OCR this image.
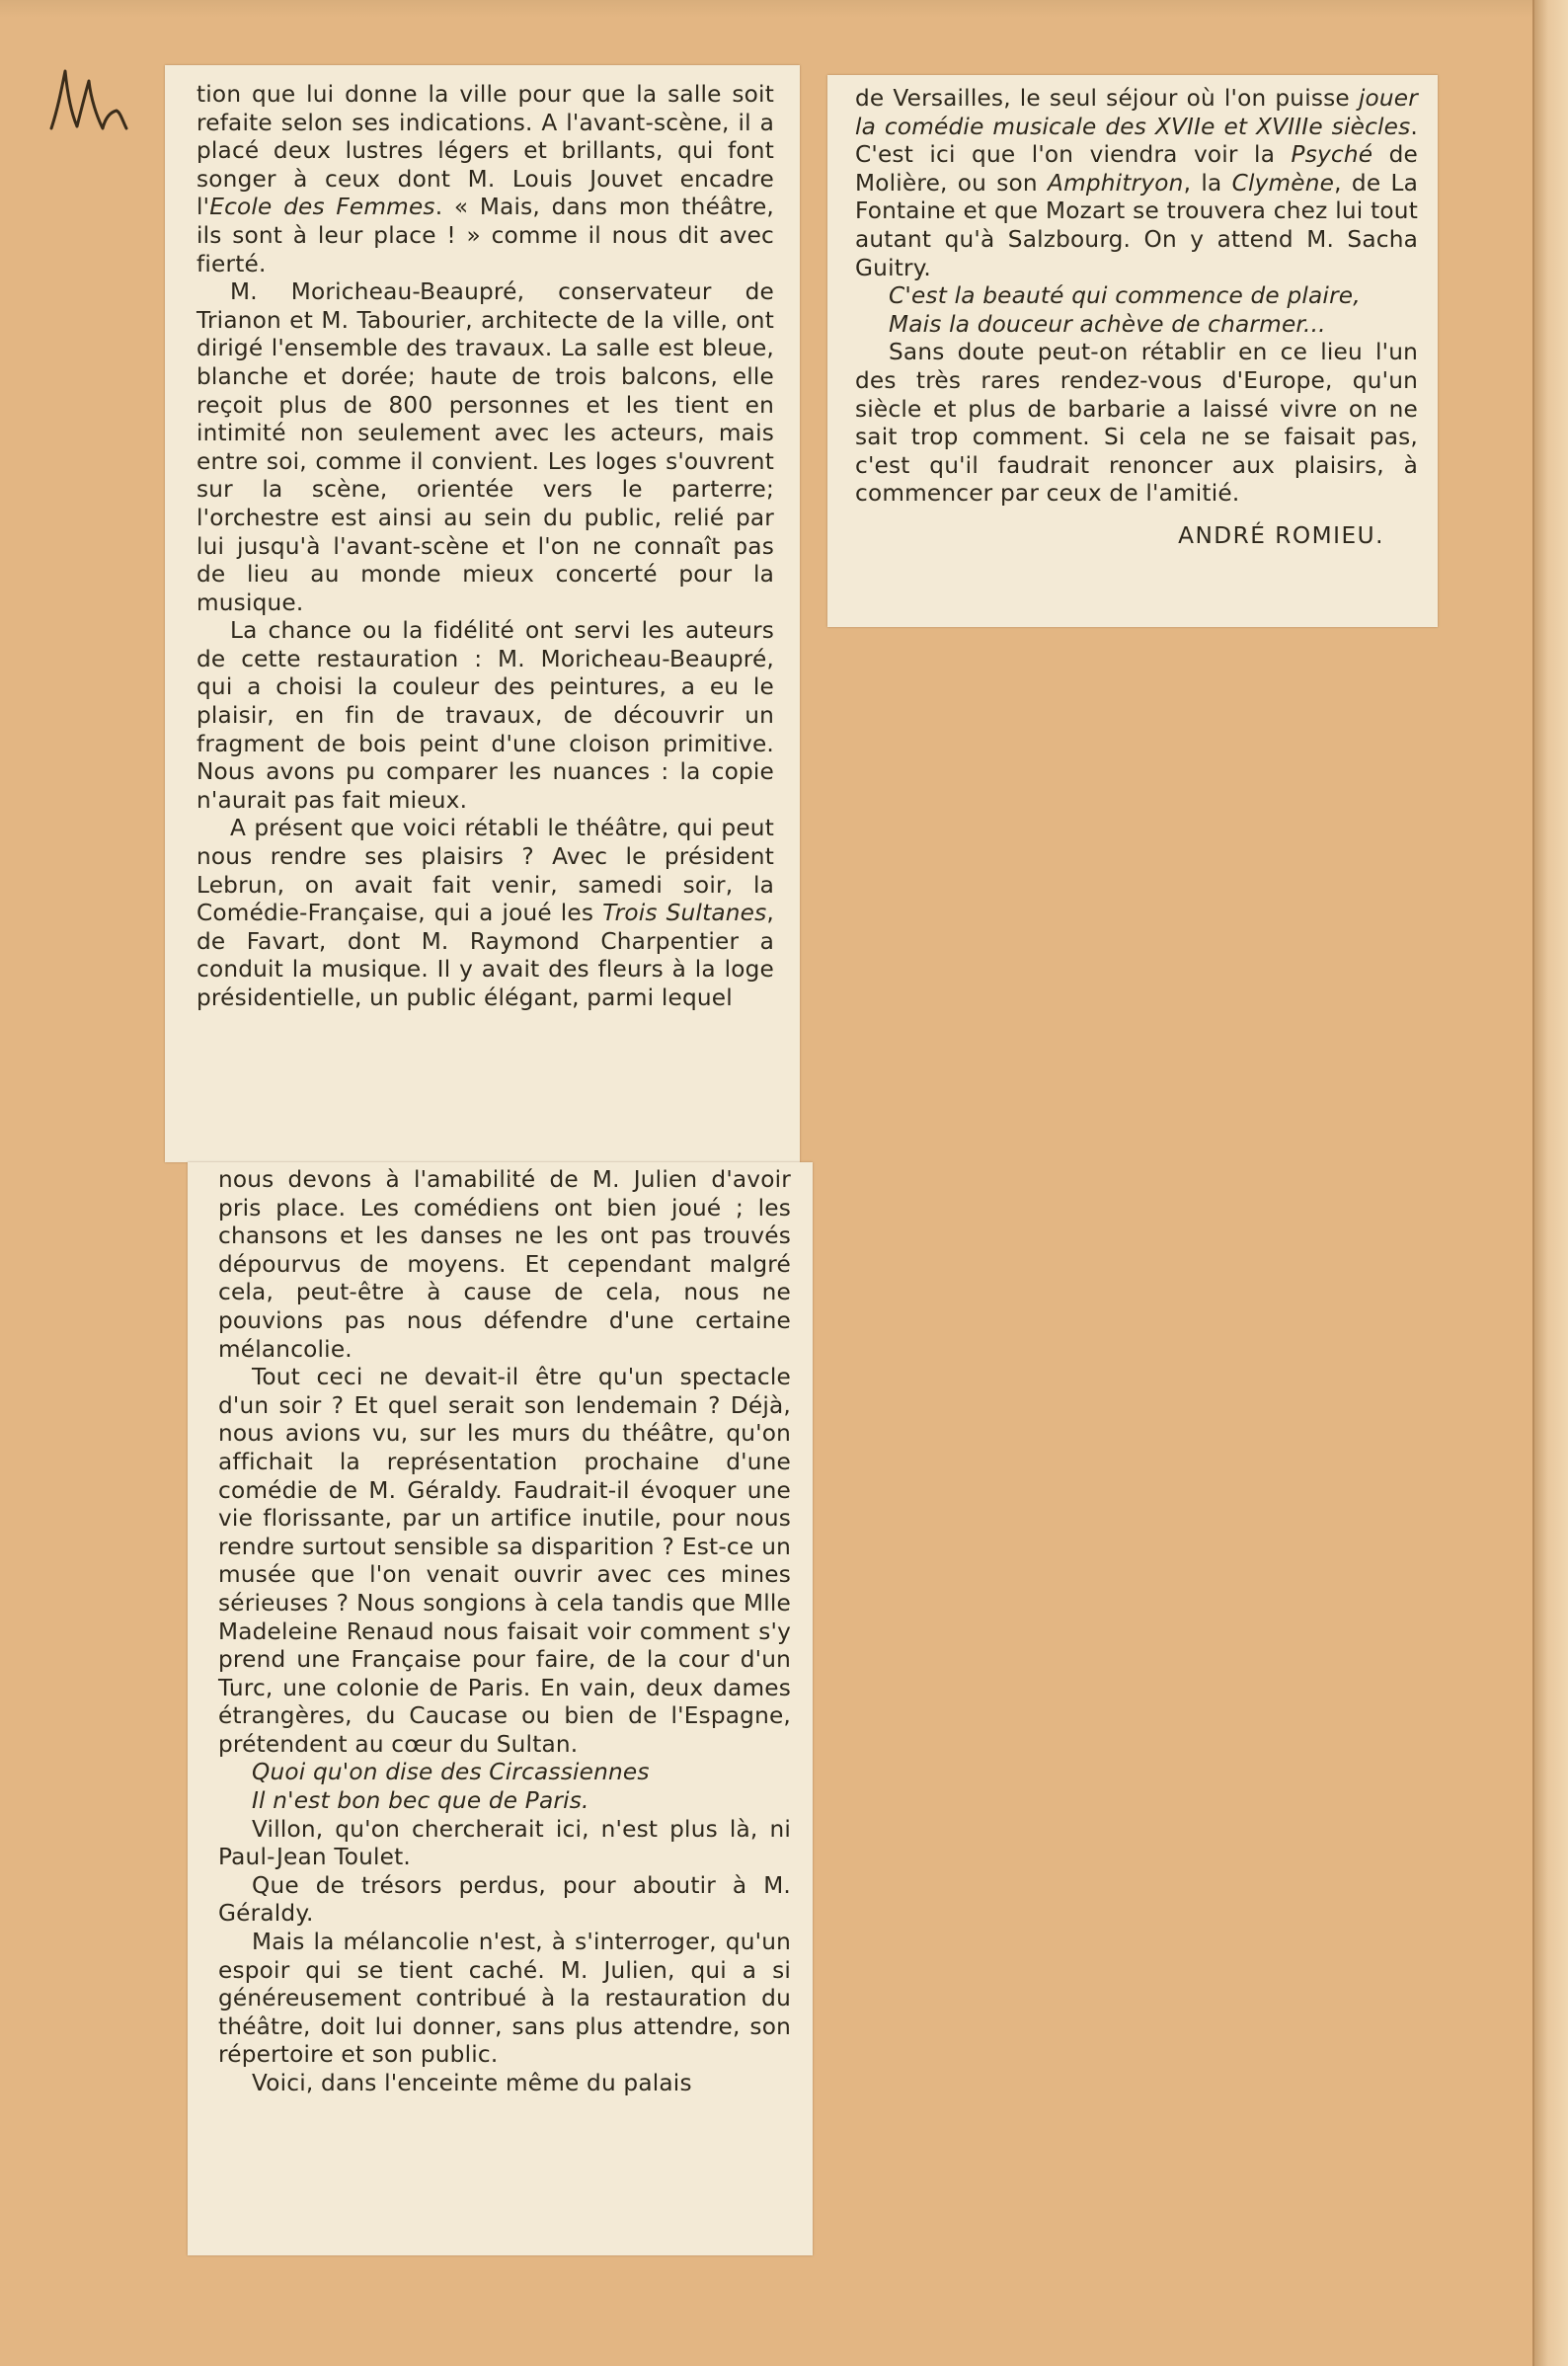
tion que lui donne la ville pour que la salle soit refaite selon ses indications. A l'avant-scène, il a placé deux lustres légers et brillants, qui font songer à ceux dont M. Louis Jouvet encadre l'Ecole des Femmes. « Mais, dans mon théâtre, ils sont à leur place ! » comme il nous dit avec fierté.

M. Moricheau-Beaupré, conservateur de Trianon et M. Tabourier, architecte de la ville, ont dirigé l'ensemble des travaux. La salle est bleue, blanche et dorée; haute de trois balcons, elle reçoit plus de 800 personnes et les tient en intimité non seulement avec les acteurs, mais entre soi, comme il convient. Les loges s'ouvrent sur la scène, orientée vers le parterre; l'orchestre est ainsi au sein du public, relié par lui jusqu'à l'avant-scène et l'on ne connaît pas de lieu au monde mieux concerté pour la musique.

La chance ou la fidélité ont servi les auteurs de cette restauration : M. Moricheau-Beaupré, qui a choisi la couleur des peintures, a eu le plaisir, en fin de travaux, de découvrir un fragment de bois peint d'une cloison primitive. Nous avons pu comparer les nuances : la copie n'aurait pas fait mieux.

A présent que voici rétabli le théâtre, qui peut nous rendre ses plaisirs ? Avec le président Lebrun, on avait fait venir, samedi soir, la Comédie-Française, qui a joué les Trois Sultanes, de Favart, dont M. Raymond Charpentier a conduit la musique. Il y avait des fleurs à la loge présidentielle, un public élégant, parmi lequel

nous devons à l'amabilité de M. Julien d'avoir pris place. Les comédiens ont bien joué ; les chansons et les danses ne les ont pas trouvés dépourvus de moyens. Et cependant malgré cela, peut-être à cause de cela, nous ne pouvions pas nous défendre d'une certaine mélancolie.

Tout ceci ne devait-il être qu'un spectacle d'un soir ? Et quel serait son lendemain ? Déjà, nous avions vu, sur les murs du théâtre, qu'on affichait la représentation prochaine d'une comédie de M. Géraldy. Faudrait-il évoquer une vie florissante, par un artifice inutile, pour nous rendre surtout sensible sa disparition ? Est-ce un musée que l'on venait ouvrir avec ces mines sérieuses ? Nous songions à cela tandis que Mlle Madeleine Renaud nous faisait voir comment s'y prend une Française pour faire, de la cour d'un Turc, une colonie de Paris. En vain, deux dames étrangères, du Caucase ou bien de l'Espagne, prétendent au cœur du Sultan.

Quoi qu'on dise des Circassiennes

Il n'est bon bec que de Paris.

Villon, qu'on chercherait ici, n'est plus là, ni Paul-Jean Toulet.

Que de trésors perdus, pour aboutir à M. Géraldy.

Mais la mélancolie n'est, à s'interroger, qu'un espoir qui se tient caché. M. Julien, qui a si généreusement contribué à la restauration du théâtre, doit lui donner, sans plus attendre, son répertoire et son public.

Voici, dans l'enceinte même du palais

de Versailles, le seul séjour où l'on puisse jouer la comédie musicale des XVIIe et XVIIIe siècles. C'est ici que l'on viendra voir la Psyché de Molière, ou son Amphitryon, la Clymène, de La Fontaine et que Mozart se trouvera chez lui tout autant qu'à Salzbourg. On y attend M. Sacha Guitry.

C'est la beauté qui commence de plaire,

Mais la douceur achève de charmer...

Sans doute peut-on rétablir en ce lieu l'un des très rares rendez-vous d'Europe, qu'un siècle et plus de barbarie a laissé vivre on ne sait trop comment. Si cela ne se faisait pas, c'est qu'il faudrait renoncer aux plaisirs, à commencer par ceux de l'amitié.

ANDRÉ ROMIEU.
